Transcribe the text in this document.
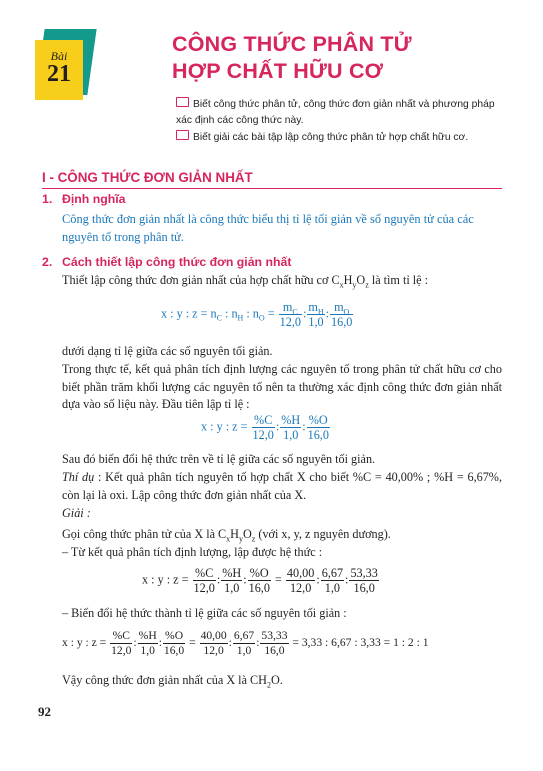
Bài
21
CÔNG THỨC PHÂN TỬ
HỢP CHẤT HỮU CƠ
Biết công thức phân tử, công thức đơn giản nhất và phương pháp xác định các công thức này.
Biết giải các bài tập lập công thức phân tử hợp chất hữu cơ.
I - CÔNG THỨC ĐƠN GIẢN NHẤT
1. Định nghĩa
Công thức đơn giản nhất là công thức biểu thị tỉ lệ tối giản về số nguyên tử của các nguyên tố trong phân tử.
2. Cách thiết lập công thức đơn giản nhất
Thiết lập công thức đơn giản nhất của hợp chất hữu cơ $C_xH_yO_z$ là tìm tỉ lệ :
x : y : $z = n_C$ : $n_H$ : $n_O = \frac{m_C}{12,0}$ : $\frac{m_H}{1,0}$ : $\frac{m_O}{16,0}$
dưới dạng tỉ lệ giữa các số nguyên tối giản.
Trong thực tế, kết quả phân tích định lượng các nguyên tố trong phân tử chất hữu cơ cho biết phần trăm khối lượng các nguyên tố nên ta thường xác định công thức đơn giản nhất dựa vào số liệu này. Đầu tiên lập tỉ lệ :
x : y : $z = \frac{\%C}{12,0}$ : $\frac{\%H}{1,0}$ : $\frac{\%O}{16,0}$
Sau đó biến đổi hệ thức trên về tỉ lệ giữa các số nguyên tối giản.
Thí dụ : Kết quả phân tích nguyên tố hợp chất X cho biết %C = 40,00% ; %H = 6,67%, còn lại là oxi. Lập công thức đơn giản nhất của X.
Giải :
Gọi công thức phân tử của X là $C_xH_yO_z$ (với x, y, z nguyên dương).
– Từ kết quả phân tích định lượng, lập được hệ thức :
x : y : $z = \frac{\%C}{12,0}$ : $\frac{\%H}{1,0}$ : $\frac{\%O}{16,0} = \frac{40,00}{12,0}$ : $\frac{6,67}{1,0}$ : $\frac{53,33}{16,0}$
– Biến đổi hệ thức thành tỉ lệ giữa các số nguyên tối giản :
x : y : $z = \frac{\%C}{12,0}$ : $\frac{\%H}{1,0}$ : $\frac{\%O}{16,0} = \frac{40,00}{12,0}$ : $\frac{6,67}{1,0}$ : $\frac{53,33}{16,0} = 3,33$ : 6,67 : 3,33 = 1 : 2 : 1
Vậy công thức đơn giản nhất của X là $CH_2O$.
92
